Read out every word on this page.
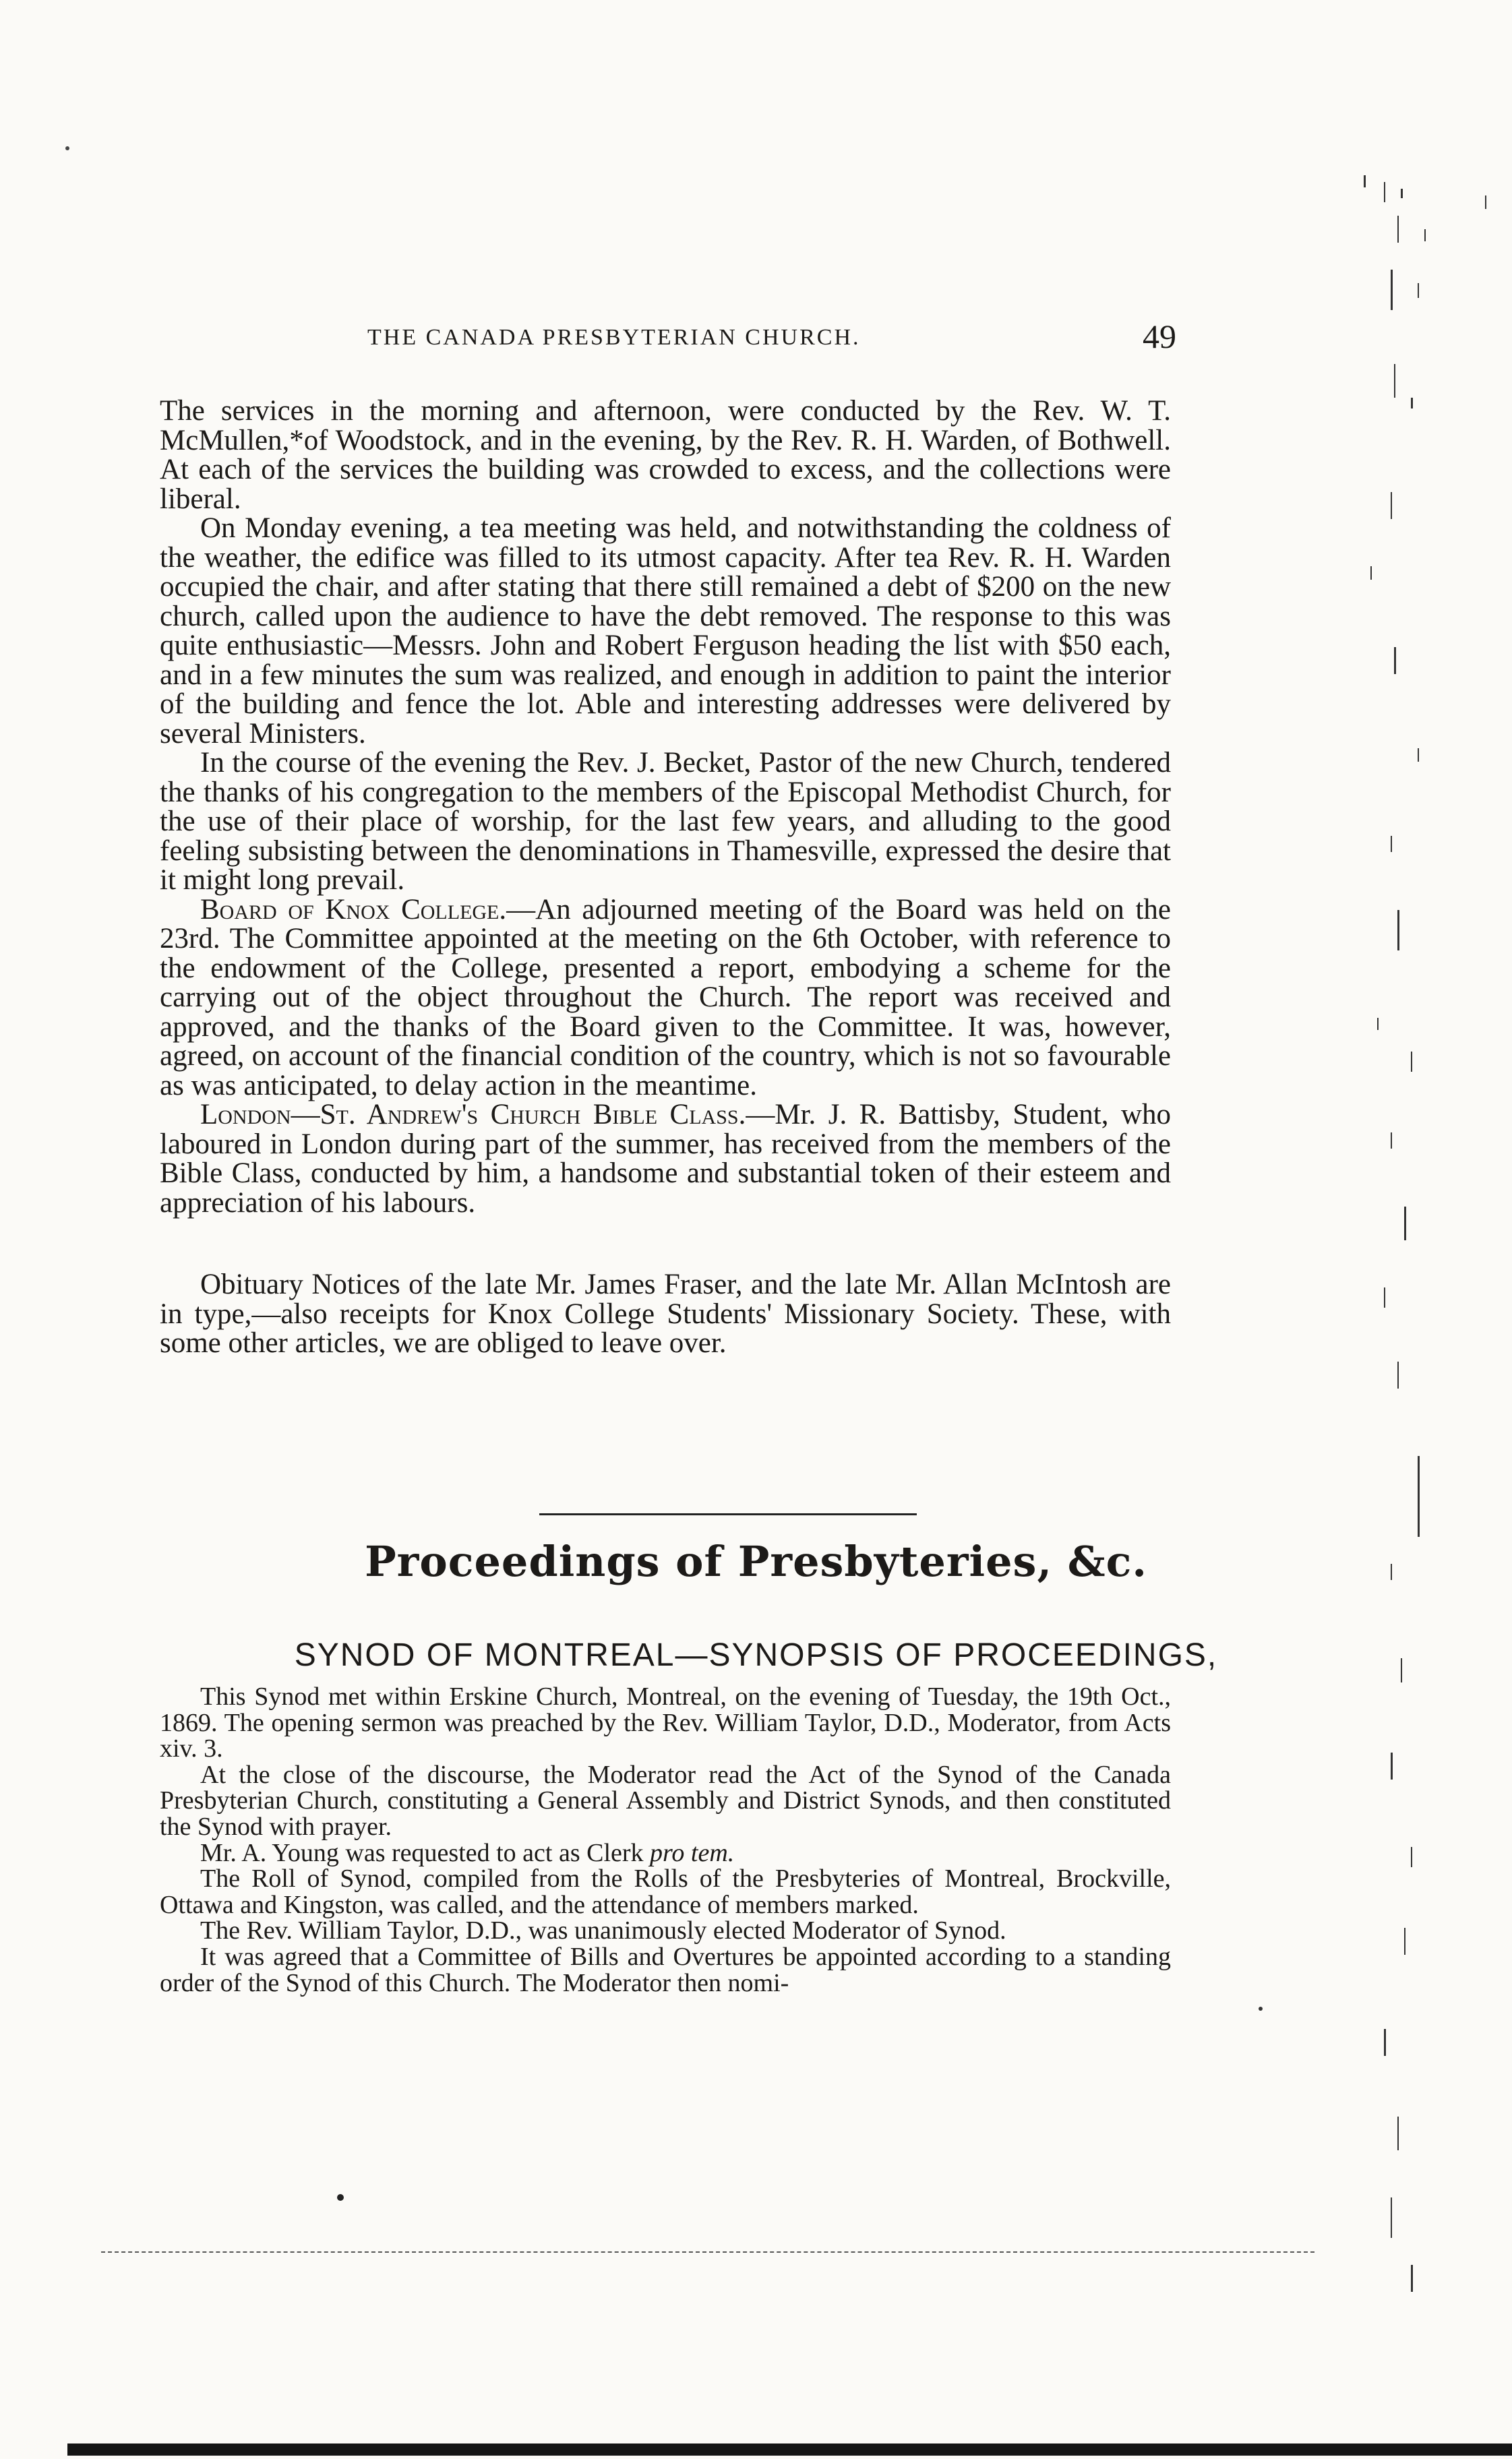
THE CANADA PRESBYTERIAN CHURCH.	49

The services in the morning and afternoon, were conducted by the Rev. W. T. McMullen,*of Woodstock, and in the evening, by the Rev. R. H. Warden, of Bothwell. At each of the services the building was crowded to excess, and the collections were liberal.

On Monday evening, a tea meeting was held, and notwithstanding the coldness of the weather, the edifice was filled to its utmost capacity. After tea Rev. R. H. Warden occupied the chair, and after stating that there still remained a debt of $200 on the new church, called upon the audience to have the debt removed. The response to this was quite enthusiastic—Messrs. John and Robert Ferguson heading the list with $50 each, and in a few minutes the sum was realized, and enough in addition to paint the interior of the building and fence the lot. Able and interesting addresses were delivered by several Ministers.

In the course of the evening the Rev. J. Becket, Pastor of the new Church, tendered the thanks of his congregation to the members of the Episcopal Methodist Church, for the use of their place of worship, for the last few years, and alluding to the good feeling subsisting between the denominations in Thamesville, expressed the desire that it might long prevail.

Board of Knox College.—An adjourned meeting of the Board was held on the 23rd. The Committee appointed at the meeting on the 6th October, with reference to the endowment of the College, presented a report, embodying a scheme for the carrying out of the object throughout the Church. The report was received and approved, and the thanks of the Board given to the Committee. It was, however, agreed, on account of the financial condition of the country, which is not so favourable as was anticipated, to delay action in the meantime.

London—St. Andrew's Church Bible Class.—Mr. J. R. Battisby, Student, who laboured in London during part of the summer, has received from the members of the Bible Class, conducted by him, a handsome and substantial token of their esteem and appreciation of his labours.

Obituary Notices of the late Mr. James Fraser, and the late Mr. Allan McIntosh are in type,—also receipts for Knox College Students' Missionary Society. These, with some other articles, we are obliged to leave over.

Proceedings of Presbyteries, &c.
SYNOD OF MONTREAL—SYNOPSIS OF PROCEEDINGS,

This Synod met within Erskine Church, Montreal, on the evening of Tuesday, the 19th Oct., 1869. The opening sermon was preached by the Rev. William Taylor, D.D., Moderator, from Acts xiv. 3.

At the close of the discourse, the Moderator read the Act of the Synod of the Canada Presbyterian Church, constituting a General Assembly and District Synods, and then constituted the Synod with prayer.

Mr. A. Young was requested to act as Clerk pro tem.

The Roll of Synod, compiled from the Rolls of the Presbyteries of Montreal, Brockville, Ottawa and Kingston, was called, and the attendance of members marked.

The Rev. William Taylor, D.D., was unanimously elected Moderator of Synod.

It was agreed that a Committee of Bills and Overtures be appointed according to a standing order of the Synod of this Church. The Moderator then nomi-
